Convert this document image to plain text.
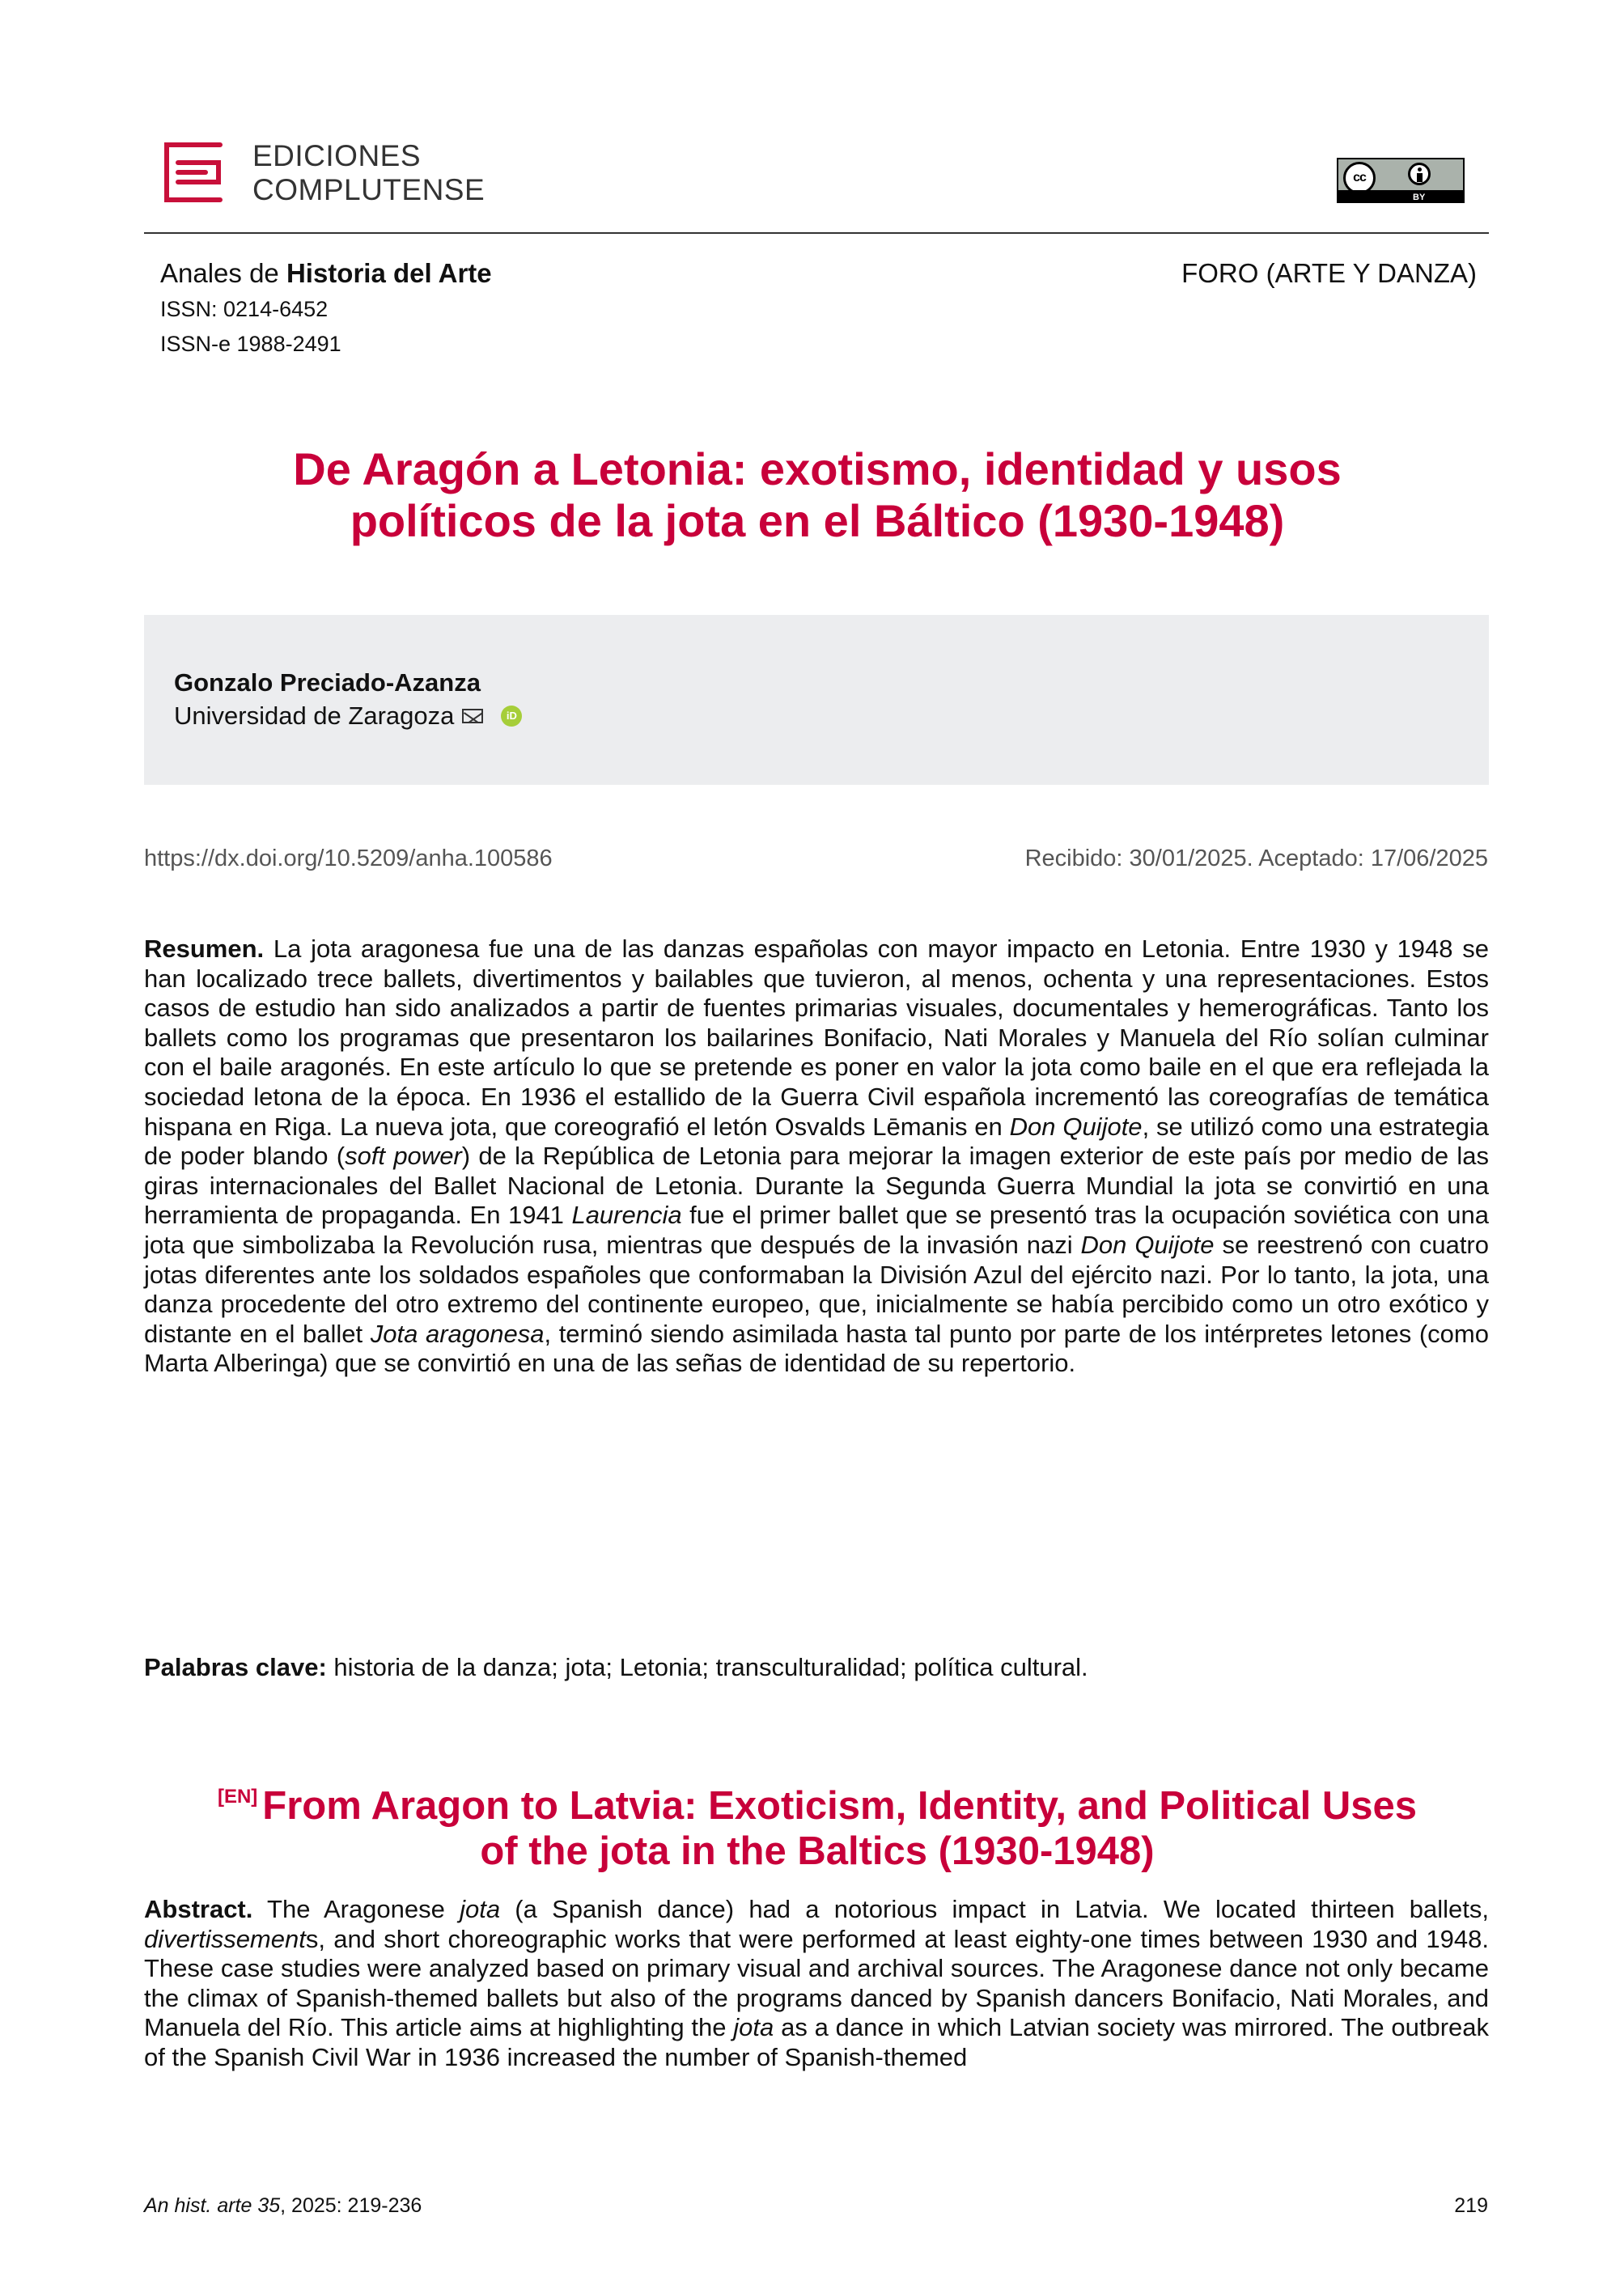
EDICIONES
COMPLUTENSE	cc
BY
Anales de Historia del Arte
ISSN: 0214-6452
ISSN-e 1988-2491
FORO (ARTE Y DANZA)
De Aragón a Letonia: exotismo, identidad y usos
políticos de la jota en el Báltico (1930-1948)
Gonzalo Preciado-Azanza
Universidad de Zaragoza	iD
https://dx.doi.org/10.5209/anha.100586	Recibido: 30/01/2025. Aceptado: 17/06/2025
Resumen. La jota aragonesa fue una de las danzas españolas con mayor impacto en Letonia. Entre 1930 y 1948 se han localizado trece ballets, divertimentos y bailables que tuvieron, al menos, ochenta y una representaciones. Estos casos de estudio han sido analizados a partir de fuentes primarias visuales, documentales y hemerográficas. Tanto los ballets como los programas que presentaron los bailarines Bonifacio, Nati Morales y Manuela del Río solían culminar con el baile aragonés. En este artículo lo que se pretende es poner en valor la jota como baile en el que era reflejada la sociedad letona de la época. En 1936 el estallido de la Guerra Civil española incrementó las coreografías de temática hispana en Riga. La nueva jota, que coreografió el letón Osvalds Lēmanis en Don Quijote, se utilizó como una estrategia de poder blando (soft power) de la República de Letonia para mejorar la imagen exterior de este país por medio de las giras internacionales del Ballet Nacional de Letonia. Durante la Segunda Guerra Mundial la jota se convirtió en una herramienta de propaganda. En 1941 Laurencia fue el primer ballet que se presentó tras la ocupación soviética con una jota que simbolizaba la Revolución rusa, mientras que después de la invasión nazi Don Quijote se reestrenó con cuatro jotas diferentes ante los soldados españoles que conformaban la División Azul del ejército nazi. Por lo tanto, la jota, una danza procedente del otro extremo del continente europeo, que, inicialmente se había percibido como un otro exótico y distante en el ballet Jota aragonesa, terminó siendo asimilada hasta tal punto por parte de los intérpretes letones (como Marta Alberinga) que se convirtió en una de las señas de identidad de su repertorio.
Palabras clave: historia de la danza; jota; Letonia; transculturalidad; política cultural.
[EN] From Aragon to Latvia: Exoticism, Identity, and Political Uses
of the jota in the Baltics (1930-1948)
Abstract. The Aragonese jota (a Spanish dance) had a notorious impact in Latvia. We located thirteen ballets, divertissements, and short choreographic works that were performed at least eighty-one times between 1930 and 1948. These case studies were analyzed based on primary visual and archival sources. The Aragonese dance not only became the climax of Spanish-themed ballets but also of the programs danced by Spanish dancers Bonifacio, Nati Morales, and Manuela del Río. This article aims at highlighting the jota as a dance in which Latvian society was mirrored. The outbreak of the Spanish Civil War in 1936 increased the number of Spanish-themed
An hist. arte 35, 2025: 219-236	219
